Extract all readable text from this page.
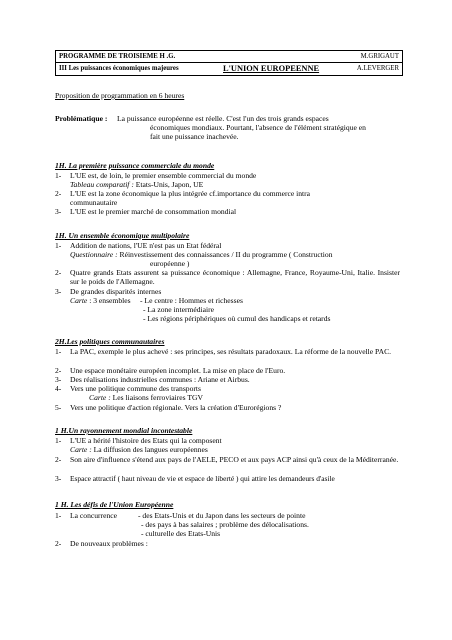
PROGRAMME DE TROISIEME H .G.
III Les puissances économiques majeures	L'UNION EUROPEENNE
M.GRIGAUT
A.LEVERGER
Proposition de programmation en 6 heures
Problématique : La puissance européenne est réelle. C'est l'un des trois grands espaces
économiques mondiaux. Pourtant, l'absence de l'élément stratégique en
fait une puissance inachevée.
1H. La première puissance commerciale du monde
1- L'UE est, de loin, le premier ensemble commercial du monde
Tableau comparatif : Etats-Unis, Japon, UE
2- L'UE est la zone économique la plus intégrée cf.importance du commerce intra
communautaire
3- L'UE est le premier marché de consommation mondial
1H. Un ensemble économique multipolaire
1- Addition de nations, l'UE n'est pas un Etat fédéral
Questionnaire : Réinvestissement des connaissances / II du programme ( Construction
européenne )
2- Quatre grands Etats assurent sa puissance économique : Allemagne, France, Royaume-Uni, Italie. Insister sur le poids de l'Allemagne.
3- De grandes disparités internes
Carte : 3 ensembles - Le centre : Hommes et richesses
- La zone intermédiaire
- Les régions périphériques où cumul des handicaps et retards
2H.Les politiques communautaires
1- La PAC, exemple le plus achevé : ses principes, ses résultats paradoxaux. La réforme de la nouvelle PAC.
2- Une espace monétaire européen incomplet. La mise en place de l'Euro.
3- Des réalisations industrielles communes : Ariane et Airbus.
4- Vers une politique commune des transports
Carte : Les liaisons ferroviaires TGV
5- Vers une politique d'action régionale. Vers la création d'Eurorégions ?
1 H.Un rayonnement mondial incontestable
1- L'UE a hérité l'histoire des Etats qui la composent
Carte : La diffusion des langues européennes
2- Son aire d'influence s'étend aux pays de l'AELE, PECO et aux pays ACP ainsi qu'à ceux de la Méditerranée.
3- Espace attractif ( haut niveau de vie et espace de liberté ) qui attire les demandeurs d'asile
1 H. Les défis de l'Union Européenne
1- La concurrence	- des Etats-Unis et du Japon dans les secteurs de pointe
- des pays à bas salaires ; problème des délocalisations.
- culturelle des Etats-Unis
2- De nouveaux problèmes :
